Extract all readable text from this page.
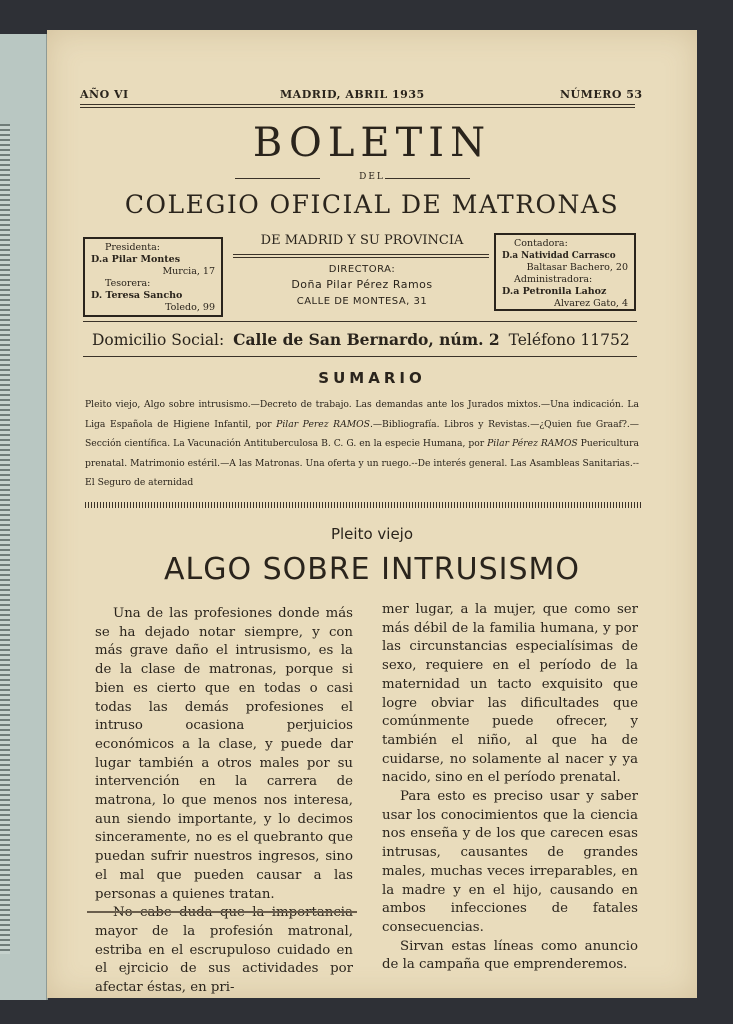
AÑO VI	MADRID, ABRIL 1935	NÚMERO 53
BOLETIN
DEL
COLEGIO OFICIAL DE MATRONAS
Presidenta:
D.a Pilar Montes
Murcia, 17
Tesorera:
D. Teresa Sancho
Toledo, 99
DE MADRID Y SU PROVINCIA
DIRECTORA:
Doña Pilar Pérez Ramos
CALLE DE MONTESA, 31
Contadora:
D.a Natividad Carrasco
Baltasar Bachero, 20
Administradora:
D.a Petronila Lahoz
Alvarez Gato, 4
Domicilio Social: Calle de San Bernardo, núm. 2 Teléfono 11752
SUMARIO
Pleito viejo, Algo sobre intrusismo.—Decreto de trabajo. Las demandas ante los Jurados mixtos.—Una indicación. La Liga Española de Higiene Infantil, por Pilar Perez RAMOS.—Bibliografía. Libros y Revistas.—¿Quien fue Graaf?.—Sección científica. La Vacunación Antituberculosa B. C. G. en la especie Humana, por Pilar Pérez RAMOS Puericultura prenatal. Matrimonio estéril.—A las Matronas. Una oferta y un ruego.--De interés general. Las Asambleas Sanitarias.--El Seguro de aternidad
Pleito viejo
ALGO SOBRE INTRUSISMO

Una de las profesiones donde más se ha dejado notar siempre, y con más grave daño el intrusismo, es la de la clase de matronas, porque si bien es cierto que en todas o casi todas las demás profesiones el intruso ocasiona perjuicios económicos a la clase, y puede dar lugar también a otros males por su intervención en la carrera de matrona, lo que menos nos interesa, aun siendo importante, y lo decimos sinceramente, no es el quebranto que puedan sufrir nuestros ingresos, sino el mal que pueden causar a las personas a quienes tratan.

No cabe duda que la importancia mayor de la profesión matronal, estriba en el escrupuloso cuidado en el ejrcicio de sus actividades por afectar éstas, en pri-

mer lugar, a la mujer, que como ser más débil de la familia humana, y por las circunstancias especialísimas de sexo, requiere en el período de la maternidad un tacto exquisito que logre obviar las dificultades que comúnmente puede ofrecer, y también el niño, al que ha de cuidarse, no solamente al nacer y ya nacido, sino en el período prenatal.

Para esto es preciso usar y saber usar los conocimientos que la ciencia nos enseña y de los que carecen esas intrusas, causantes de grandes males, muchas veces irreparables, en la madre y en el hijo, causando en ambos infecciones de fatales consecuencias.

Sirvan estas líneas como anuncio de la campaña que emprenderemos.
